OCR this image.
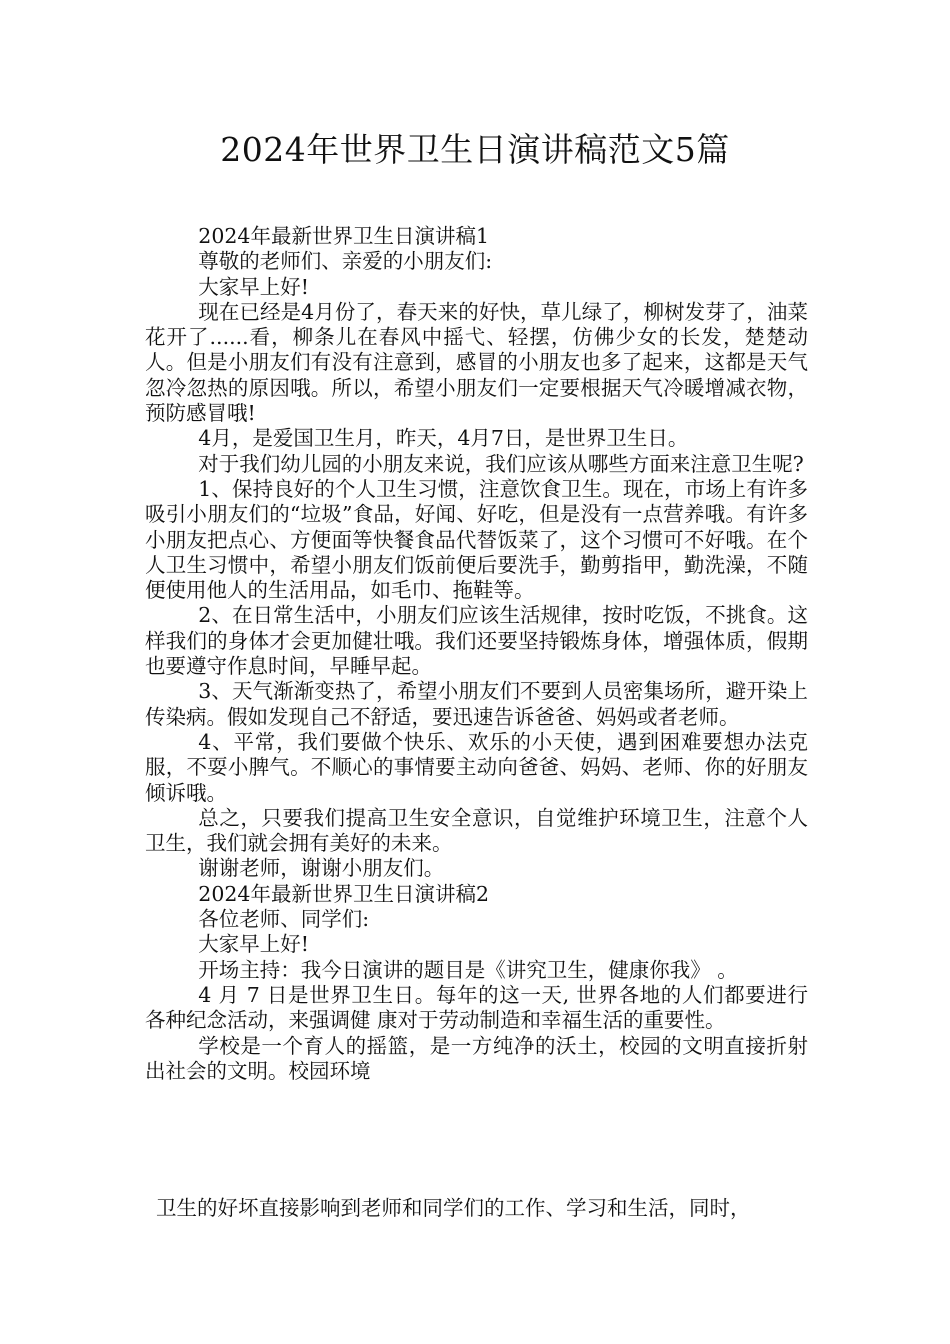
2024年世界卫生日演讲稿范文5篇

2024年最新世界卫生日演讲稿1

尊敬的老师们、亲爱的小朋友们:

大家早上好!

现在已经是4月份了，春天来的好快，草儿绿了，柳树发芽了，油菜花开了......看，柳条儿在春风中摇弋、轻摆，仿佛少女的长发，楚楚动人。但是小朋友们有没有注意到，感冒的小朋友也多了起来，这都是天气忽冷忽热的原因哦。所以，希望小朋友们一定要根据天气冷暖增减衣物，预防感冒哦!

4月，是爱国卫生月，昨天，4月7日，是世界卫生日。

对于我们幼儿园的小朋友来说，我们应该从哪些方面来注意卫生呢?

1、保持良好的个人卫生习惯，注意饮食卫生。现在，市场上有许多吸引小朋友们的“垃圾”食品，好闻、好吃，但是没有一点营养哦。有许多小朋友把点心、方便面等快餐食品代替饭菜了，这个习惯可不好哦。在个人卫生习惯中，希望小朋友们饭前便后要洗手，勤剪指甲，勤洗澡，不随便使用他人的生活用品，如毛巾、拖鞋等。

2、在日常生活中，小朋友们应该生活规律，按时吃饭，不挑食。这样我们的身体才会更加健壮哦。我们还要坚持锻炼身体，增强体质，假期也要遵守作息时间，早睡早起。

3、天气渐渐变热了，希望小朋友们不要到人员密集场所，避开染上传染病。假如发现自己不舒适，要迅速告诉爸爸、妈妈或者老师。

4、平常，我们要做个快乐、欢乐的小天使，遇到困难要想办法克服，不耍小脾气。不顺心的事情要主动向爸爸、妈妈、老师、你的好朋友倾诉哦。

总之，只要我们提高卫生安全意识，自觉维护环境卫生，注意个人卫生，我们就会拥有美好的未来。

谢谢老师，谢谢小朋友们。

2024年最新世界卫生日演讲稿2

各位老师、同学们:

大家早上好!

开场主持：我今日演讲的题目是《讲究卫生，健康你我》 。

4 月 7 日是世界卫生日。每年的这一天, 世界各地的人们都要进行各种纪念活动，来强调健 康对于劳动制造和幸福生活的重要性。

学校是一个育人的摇篮，是一方纯净的沃土，校园的文明直接折射出社会的文明。校园环境

卫生的好坏直接影响到老师和同学们的工作、学习和生活，同时，
